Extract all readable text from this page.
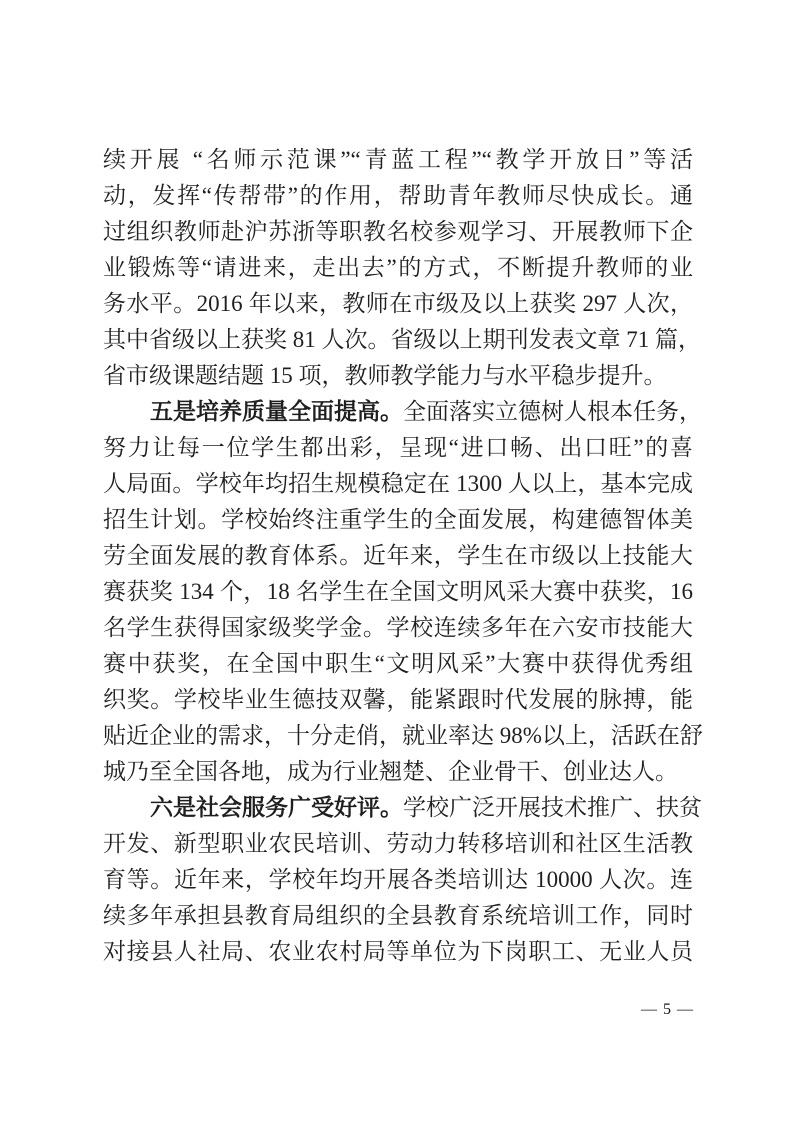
续开展 “名师示范课”“青蓝工程”“教学开放日”等活
动，发挥“传帮带”的作用，帮助青年教师尽快成长。通
过组织教师赴沪苏浙等职教名校参观学习、开展教师下企
业锻炼等“请进来，走出去”的方式，不断提升教师的业
务水平。2016 年以来，教师在市级及以上获奖 297 人次，
其中省级以上获奖 81 人次。省级以上期刊发表文章 71 篇，
省市级课题结题 15 项，教师教学能力与水平稳步提升。
五是培养质量全面提高。全面落实立德树人根本任务，
努力让每一位学生都出彩，呈现“进口畅、出口旺”的喜
人局面。学校年均招生规模稳定在 1300 人以上，基本完成
招生计划。学校始终注重学生的全面发展，构建德智体美
劳全面发展的教育体系。近年来，学生在市级以上技能大
赛获奖 134 个，18 名学生在全国文明风采大赛中获奖，16
名学生获得国家级奖学金。学校连续多年在六安市技能大
赛中获奖，在全国中职生“文明风采”大赛中获得优秀组
织奖。学校毕业生德技双馨，能紧跟时代发展的脉搏，能
贴近企业的需求，十分走俏，就业率达 98%以上，活跃在舒
城乃至全国各地，成为行业翘楚、企业骨干、创业达人。
六是社会服务广受好评。学校广泛开展技术推广、扶贫
开发、新型职业农民培训、劳动力转移培训和社区生活教
育等。近年来，学校年均开展各类培训达 10000 人次。连
续多年承担县教育局组织的全县教育系统培训工作，同时
对接县人社局、农业农村局等单位为下岗职工、无业人员
— 5 —
